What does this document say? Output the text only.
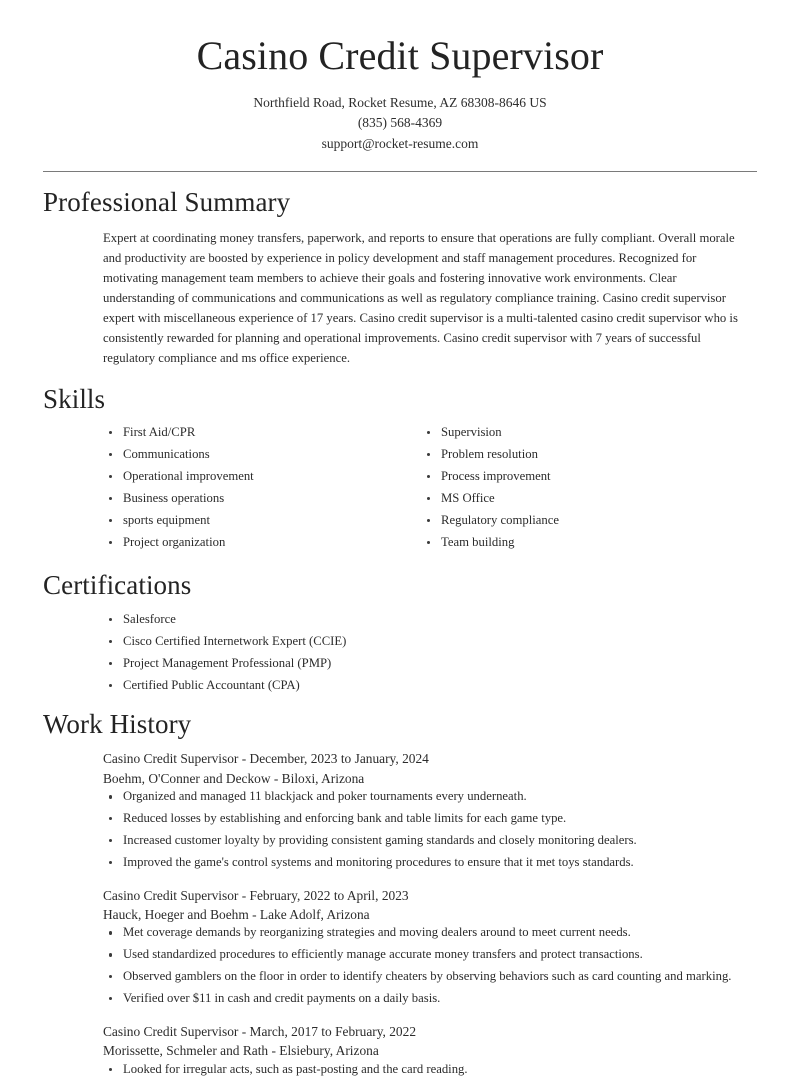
Casino Credit Supervisor
Northfield Road, Rocket Resume, AZ 68308-8646 US
(835) 568-4369
support@rocket-resume.com
Professional Summary

Expert at coordinating money transfers, paperwork, and reports to ensure that operations are fully compliant. Overall morale and productivity are boosted by experience in policy development and staff management procedures. Recognized for motivating management team members to achieve their goals and fostering innovative work environments. Clear understanding of communications and communications as well as regulatory compliance training. Casino credit supervisor expert with miscellaneous experience of 17 years. Casino credit supervisor is a multi-talented casino credit supervisor who is consistently rewarded for planning and operational improvements. Casino credit supervisor with 7 years of successful regulatory compliance and ms office experience.

Skills
First Aid/CPR
Communications
Operational improvement
Business operations
sports equipment
Project organization
Supervision
Problem resolution
Process improvement
MS Office
Regulatory compliance
Team building
Certifications
Salesforce
Cisco Certified Internetwork Expert (CCIE)
Project Management Professional (PMP)
Certified Public Accountant (CPA)
Work History
Casino Credit Supervisor - December, 2023 to January, 2024
Boehm, O'Conner and Deckow - Biloxi, Arizona
Organized and managed 11 blackjack and poker tournaments every underneath.
Reduced losses by establishing and enforcing bank and table limits for each game type.
Increased customer loyalty by providing consistent gaming standards and closely monitoring dealers.
Improved the game's control systems and monitoring procedures to ensure that it met toys standards.
Casino Credit Supervisor - February, 2022 to April, 2023
Hauck, Hoeger and Boehm - Lake Adolf, Arizona
Met coverage demands by reorganizing strategies and moving dealers around to meet current needs.
Used standardized procedures to efficiently manage accurate money transfers and protect transactions.
Observed gamblers on the floor in order to identify cheaters by observing behaviors such as card counting and marking.
Verified over $11 in cash and credit payments on a daily basis.
Casino Credit Supervisor - March, 2017 to February, 2022
Morissette, Schmeler and Rath - Elsiebury, Arizona
Looked for irregular acts, such as past-posting and the card reading.
